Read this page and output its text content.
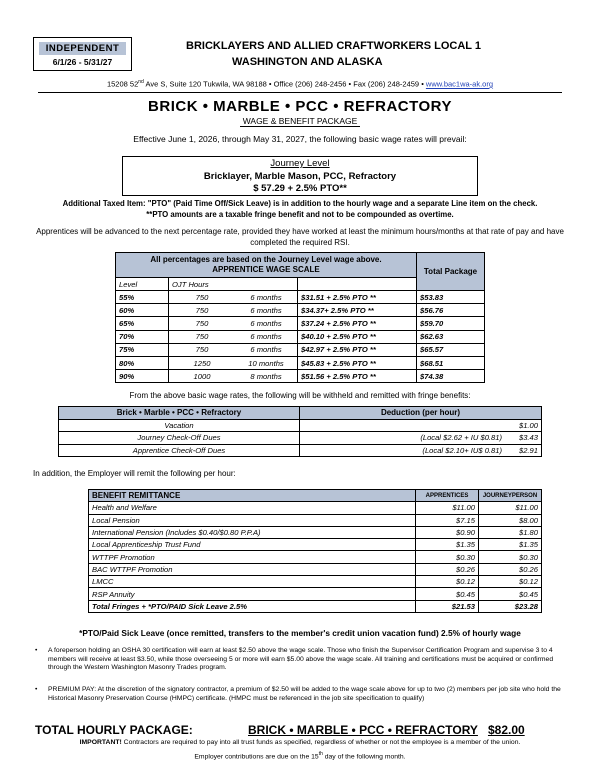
INDEPENDENT
6/1/26 - 5/31/27
BRICKLAYERS AND ALLIED CRAFTWORKERS LOCAL 1
WASHINGTON AND ALASKA
15208 52nd Ave S, Suite 120 Tukwila, WA 98188 • Office (206) 248-2456 • Fax (206) 248-2459 • www.bac1wa-ak.org
BRICK • MARBLE • PCC • REFRACTORY
WAGE & BENEFIT PACKAGE
Effective June 1, 2026, through May 31, 2027, the following basic wage rates will prevail:
Journey Level
Bricklayer, Marble Mason, PCC, Refractory
$ 57.29 + 2.5% PTO**
Additional Taxed Item: "PTO" (Paid Time Off/Sick Leave) is in addition to the hourly wage and a separate Line item on the check.
**PTO amounts are a taxable fringe benefit and not to be compounded as overtime.
Apprentices will be advanced to the next percentage rate, provided they have worked at least the minimum hours/months at that rate of pay and have completed the required RSI.
All percentages are based on the Journey Level wage above.
APPRENTICE WAGE SCALE				Total Package
Level	OJT Hours			
55%	750	6 months	$31.51 + 2.5% PTO **	$53.83
60%	750	6 months	$34.37+ 2.5% PTO **	$56.76
65%	750	6 months	$37.24 + 2.5% PTO **	$59.70
70%	750	6 months	$40.10 + 2.5% PTO **	$62.63
75%	750	6 months	$42.97 + 2.5% PTO **	$65.57
80%	1250	10 months	$45.83 + 2.5% PTO **	$68.51
90%	1000	8 months	$51.56 + 2.5% PTO **	$74.38
From the above basic wage rates, the following will be withheld and remitted with fringe benefits:
Brick • Marble • PCC • Refractory	Deduction (per hour)	
Vacation		$1.00
Journey Check-Off Dues	(Local $2.62 + IU $0.81)	$3.43
Apprentice Check-Off Dues	(Local $2.10+ IU$ 0.81)	$2.91
In addition, the Employer will remit the following per hour:
BENEFIT REMITTANCE	APPRENTICES	JOURNEYPERSON
Health and Welfare	$11.00	$11.00
Local Pension	$7.15	$8.00
International Pension (Includes $0.40/$0.80 P.P.A)	$0.90	$1.80
Local Apprenticeship Trust Fund	$1.35	$1.35
WTTPF Promotion	$0.30	$0.30
BAC WTTPF Promotion	$0.26	$0.26
LMCC	$0.12	$0.12
RSP Annuity	$0.45	$0.45
Total Fringes + *PTO/PAID Sick Leave 2.5%	$21.53	$23.28
*PTO/Paid Sick Leave (once remitted, transfers to the member's credit union vacation fund) 2.5% of hourly wage
• A foreperson holding an OSHA 30 certification will earn at least $2.50 above the wage scale. Those who finish the Supervisor Certification Program and supervise 3 to 4 members will receive at least $3.50, while those overseeing 5 or more will earn $5.00 above the wage scale. All training and certifications must be acquired or confirmed through the Western Washington Masonry Trades program.
• PREMIUM PAY: At the discretion of the signatory contractor, a premium of $2.50 will be added to the wage scale above for up to two (2) members per job site who hold the Historical Masonry Preservation Course (HMPC) certificate. (HMPC must be referenced in the job site specification to qualify)
TOTAL HOURLY PACKAGE:	BRICK • MARBLE • PCC • REFRACTORY $82.00
IMPORTANT! Contractors are required to pay into all trust funds as specified, regardless of whether or not the employee is a member of the union.
Employer contributions are due on the 15th day of the following month.
